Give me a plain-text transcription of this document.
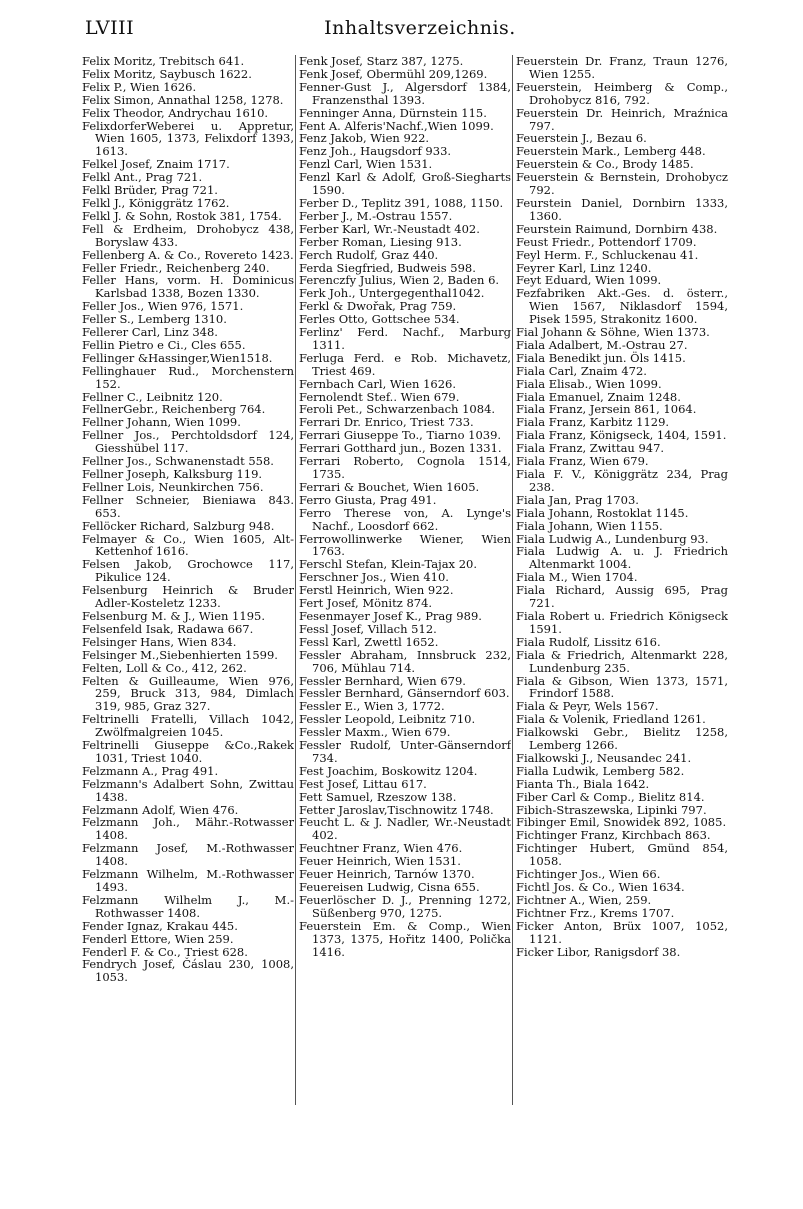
LVIII	Inhaltsverzeichnis.
Felix Moritz, Trebitsch 641.
Felix Moritz, Saybusch 1622.
Felix P., Wien 1626.
Felix Simon, Annathal 1258, 1278.
Felix Theodor, Andrychau 1610.
FelixdorferWeberei u. Appretur, Wien 1605, 1373, Felixdorf 1393, 1613.
Felkel Josef, Znaim 1717.
Felkl Ant., Prag 721.
Felkl Brüder, Prag 721.
Felkl J., Königgrätz 1762.
Felkl J. & Sohn, Rostok 381, 1754.
Fell & Erdheim, Drohobycz 438, Boryslaw 433.
Fellenberg A. & Co., Rovereto 1423.
Feller Friedr., Reichenberg 240.
Feller Hans, vorm. H. Dominicus Karlsbad 1338, Bozen 1330.
Feller Jos., Wien 976, 1571.
Feller S., Lemberg 1310.
Fellerer Carl, Linz 348.
Fellin Pietro e Ci., Cles 655.
Fellinger &Hassinger,Wien1518.
Fellinghauer Rud., Morchenstern 152.
Fellner C., Leibnitz 120.
FellnerGebr., Reichenberg 764.
Fellner Johann, Wien 1099.
Fellner Jos., Perchtoldsdorf 124, Giesshübel 117.
Fellner Jos., Schwanenstadt 558.
Fellner Joseph, Kalksburg 119.
Fellner Lois, Neunkirchen 756.
Fellner Schneier, Bieniawa 843. 653.
Fellöcker Richard, Salzburg 948.
Felmayer & Co., Wien 1605, Alt-Kettenhof 1616.
Felsen Jakob, Grochowce 117, Pikulice 124.
Felsenburg Heinrich & Bruder Adler-Kosteletz 1233.
Felsenburg M. & J., Wien 1195.
Felsenfeld Isak, Radawa 667.
Felsinger Hans, Wien 834.
Felsinger M.,Siebenhierten 1599.
Felten, Loll & Co., 412, 262.
Felten & Guilleaume, Wien 976, 259, Bruck 313, 984, Dimlach 319, 985, Graz 327.
Feltrinelli Fratelli, Villach 1042, Zwölfmalgreien 1045.
Feltrinelli Giuseppe &Co.,Rakek 1031, Triest 1040.
Felzmann A., Prag 491.
Felzmann's Adalbert Sohn, Zwittau 1438.
Felzmann Adolf, Wien 476.
Felzmann Joh., Mähr.-Rotwasser 1408.
Felzmann Josef, M.-Rothwasser 1408.
Felzmann Wilhelm, M.-Rothwasser 1493.
Felzmann Wilhelm J., M.-Rothwasser 1408.
Fender Ignaz, Krakau 445.
Fenderl Ettore, Wien 259.
Fenderl F. & Co., Triest 628.
Fendrych Josef, Čáslau 230, 1008, 1053.
Fenk Josef, Starz 387, 1275.
Fenk Josef, Obermühl 209,1269.
Fenner-Gust J., Algersdorf 1384, Franzensthal 1393.
Fenninger Anna, Dürnstein 115.
Fent A. Alferis'Nachf.,Wien 1099.
Fenz Jakob, Wien 922.
Fenz Joh., Haugsdorf 933.
Fenzl Carl, Wien 1531.
Fenzl Karl & Adolf, Groß-Siegharts 1590.
Ferber D., Teplitz 391, 1088, 1150.
Ferber J., M.-Ostrau 1557.
Ferber Karl, Wr.-Neustadt 402.
Ferber Roman, Liesing 913.
Ferch Rudolf, Graz 440.
Ferda Siegfried, Budweis 598.
Ferenczfy Julius, Wien 2, Baden 6.
Ferk Joh., Untergegenthal1042.
Ferkl & Dwořak, Prag 759.
Ferles Otto, Gottschee 534.
Ferlinz' Ferd. Nachf., Marburg 1311.
Ferluga Ferd. e Rob. Michavetz, Triest 469.
Fernbach Carl, Wien 1626.
Fernolendt Stef.. Wien 679.
Feroli Pet., Schwarzenbach 1084.
Ferrari Dr. Enrico, Triest 733.
Ferrari Giuseppe To., Tiarno 1039.
Ferrari Gotthard jun., Bozen 1331.
Ferrari Roberto, Cognola 1514, 1735.
Ferrari & Bouchet, Wien 1605.
Ferro Giusta, Prag 491.
Ferro Therese von, A. Lynge's Nachf., Loosdorf 662.
Ferrowollinwerke Wiener, Wien 1763.
Ferschl Stefan, Klein-Tajax 20.
Ferschner Jos., Wien 410.
Ferstl Heinrich, Wien 922.
Fert Josef, Mönitz 874.
Fesenmayer Josef K., Prag 989.
Fessl Josef, Villach 512.
Fessl Karl, Zwettl 1652.
Fessler Abraham, Innsbruck 232, 706, Mühlau 714.
Fessler Bernhard, Wien 679.
Fessler Bernhard, Gänserndorf 603.
Fessler E., Wien 3, 1772.
Fessler Leopold, Leibnitz 710.
Fessler Maxm., Wien 679.
Fessler Rudolf, Unter-Gänserndorf 734.
Fest Joachim, Boskowitz 1204.
Fest Josef, Littau 617.
Fett Samuel, Rzeszow 138.
Fetter Jaroslav,Tischnowitz 1748.
Feucht L. & J. Nadler, Wr.-Neustadt 402.
Feuchtner Franz, Wien 476.
Feuer Heinrich, Wien 1531.
Feuer Heinrich, Tarnów 1370.
Feuereisen Ludwig, Cisna 655.
Feuerlöscher D. J., Prenning 1272, Süßenberg 970, 1275.
Feuerstein Em. & Comp., Wien 1373, 1375, Hořitz 1400, Polička 1416.
Feuerstein Dr. Franz, Traun 1276, Wien 1255.
Feuerstein, Heimberg & Comp., Drohobycz 816, 792.
Feuerstein Dr. Heinrich, Mraźnica 797.
Feuerstein J., Bezau 6.
Feuerstein Mark., Lemberg 448.
Feuerstein & Co., Brody 1485.
Feuerstein & Bernstein, Drohobycz 792.
Feurstein Daniel, Dornbirn 1333, 1360.
Feurstein Raimund, Dornbirn 438.
Feust Friedr., Pottendorf 1709.
Feyl Herm. F., Schluckenau 41.
Feyrer Karl, Linz 1240.
Feyt Eduard, Wien 1099.
Fezfabriken Akt.-Ges. d. österr., Wien 1567, Niklasdorf 1594, Pisek 1595, Strakonitz 1600.
Fial Johann & Söhne, Wien 1373.
Fiala Adalbert, M.-Ostrau 27.
Fiala Benedikt jun. Öls 1415.
Fiala Carl, Znaim 472.
Fiala Elisab., Wien 1099.
Fiala Emanuel, Znaim 1248.
Fiala Franz, Jersein 861, 1064.
Fiala Franz, Karbitz 1129.
Fiala Franz, Königseck, 1404, 1591.
Fiala Franz, Zwittau 947.
Fiala Franz, Wien 679.
Fiala F. V., Königgrätz 234, Prag 238.
Fiala Jan, Prag 1703.
Fiala Johann, Rostoklat 1145.
Fiala Johann, Wien 1155.
Fiala Ludwig A., Lundenburg 93.
Fiala Ludwig A. u. J. Friedrich Altenmarkt 1004.
Fiala M., Wien 1704.
Fiala Richard, Aussig 695, Prag 721.
Fiala Robert u. Friedrich Königseck 1591.
Fiala Rudolf, Lissitz 616.
Fiala & Friedrich, Altenmarkt 228, Lundenburg 235.
Fiala & Gibson, Wien 1373, 1571, Frindorf 1588.
Fiala & Peyr, Wels 1567.
Fiala & Volenik, Friedland 1261.
Fialkowski Gebr., Bielitz 1258, Lemberg 1266.
Fialkowski J., Neusandec 241.
Fialla Ludwik, Lemberg 582.
Fianta Th., Biala 1642.
Fiber Carl & Comp., Bielitz 814.
Fibich-Straszewska, Lipinki 797.
Fibinger Emil, Snowidek 892, 1085.
Fichtinger Franz, Kirchbach 863.
Fichtinger Hubert, Gmünd 854, 1058.
Fichtinger Jos., Wien 66.
Fichtl Jos. & Co., Wien 1634.
Fichtner A., Wien, 259.
Fichtner Frz., Krems 1707.
Ficker Anton, Brüx 1007, 1052, 1121.
Ficker Libor, Ranigsdorf 38.
